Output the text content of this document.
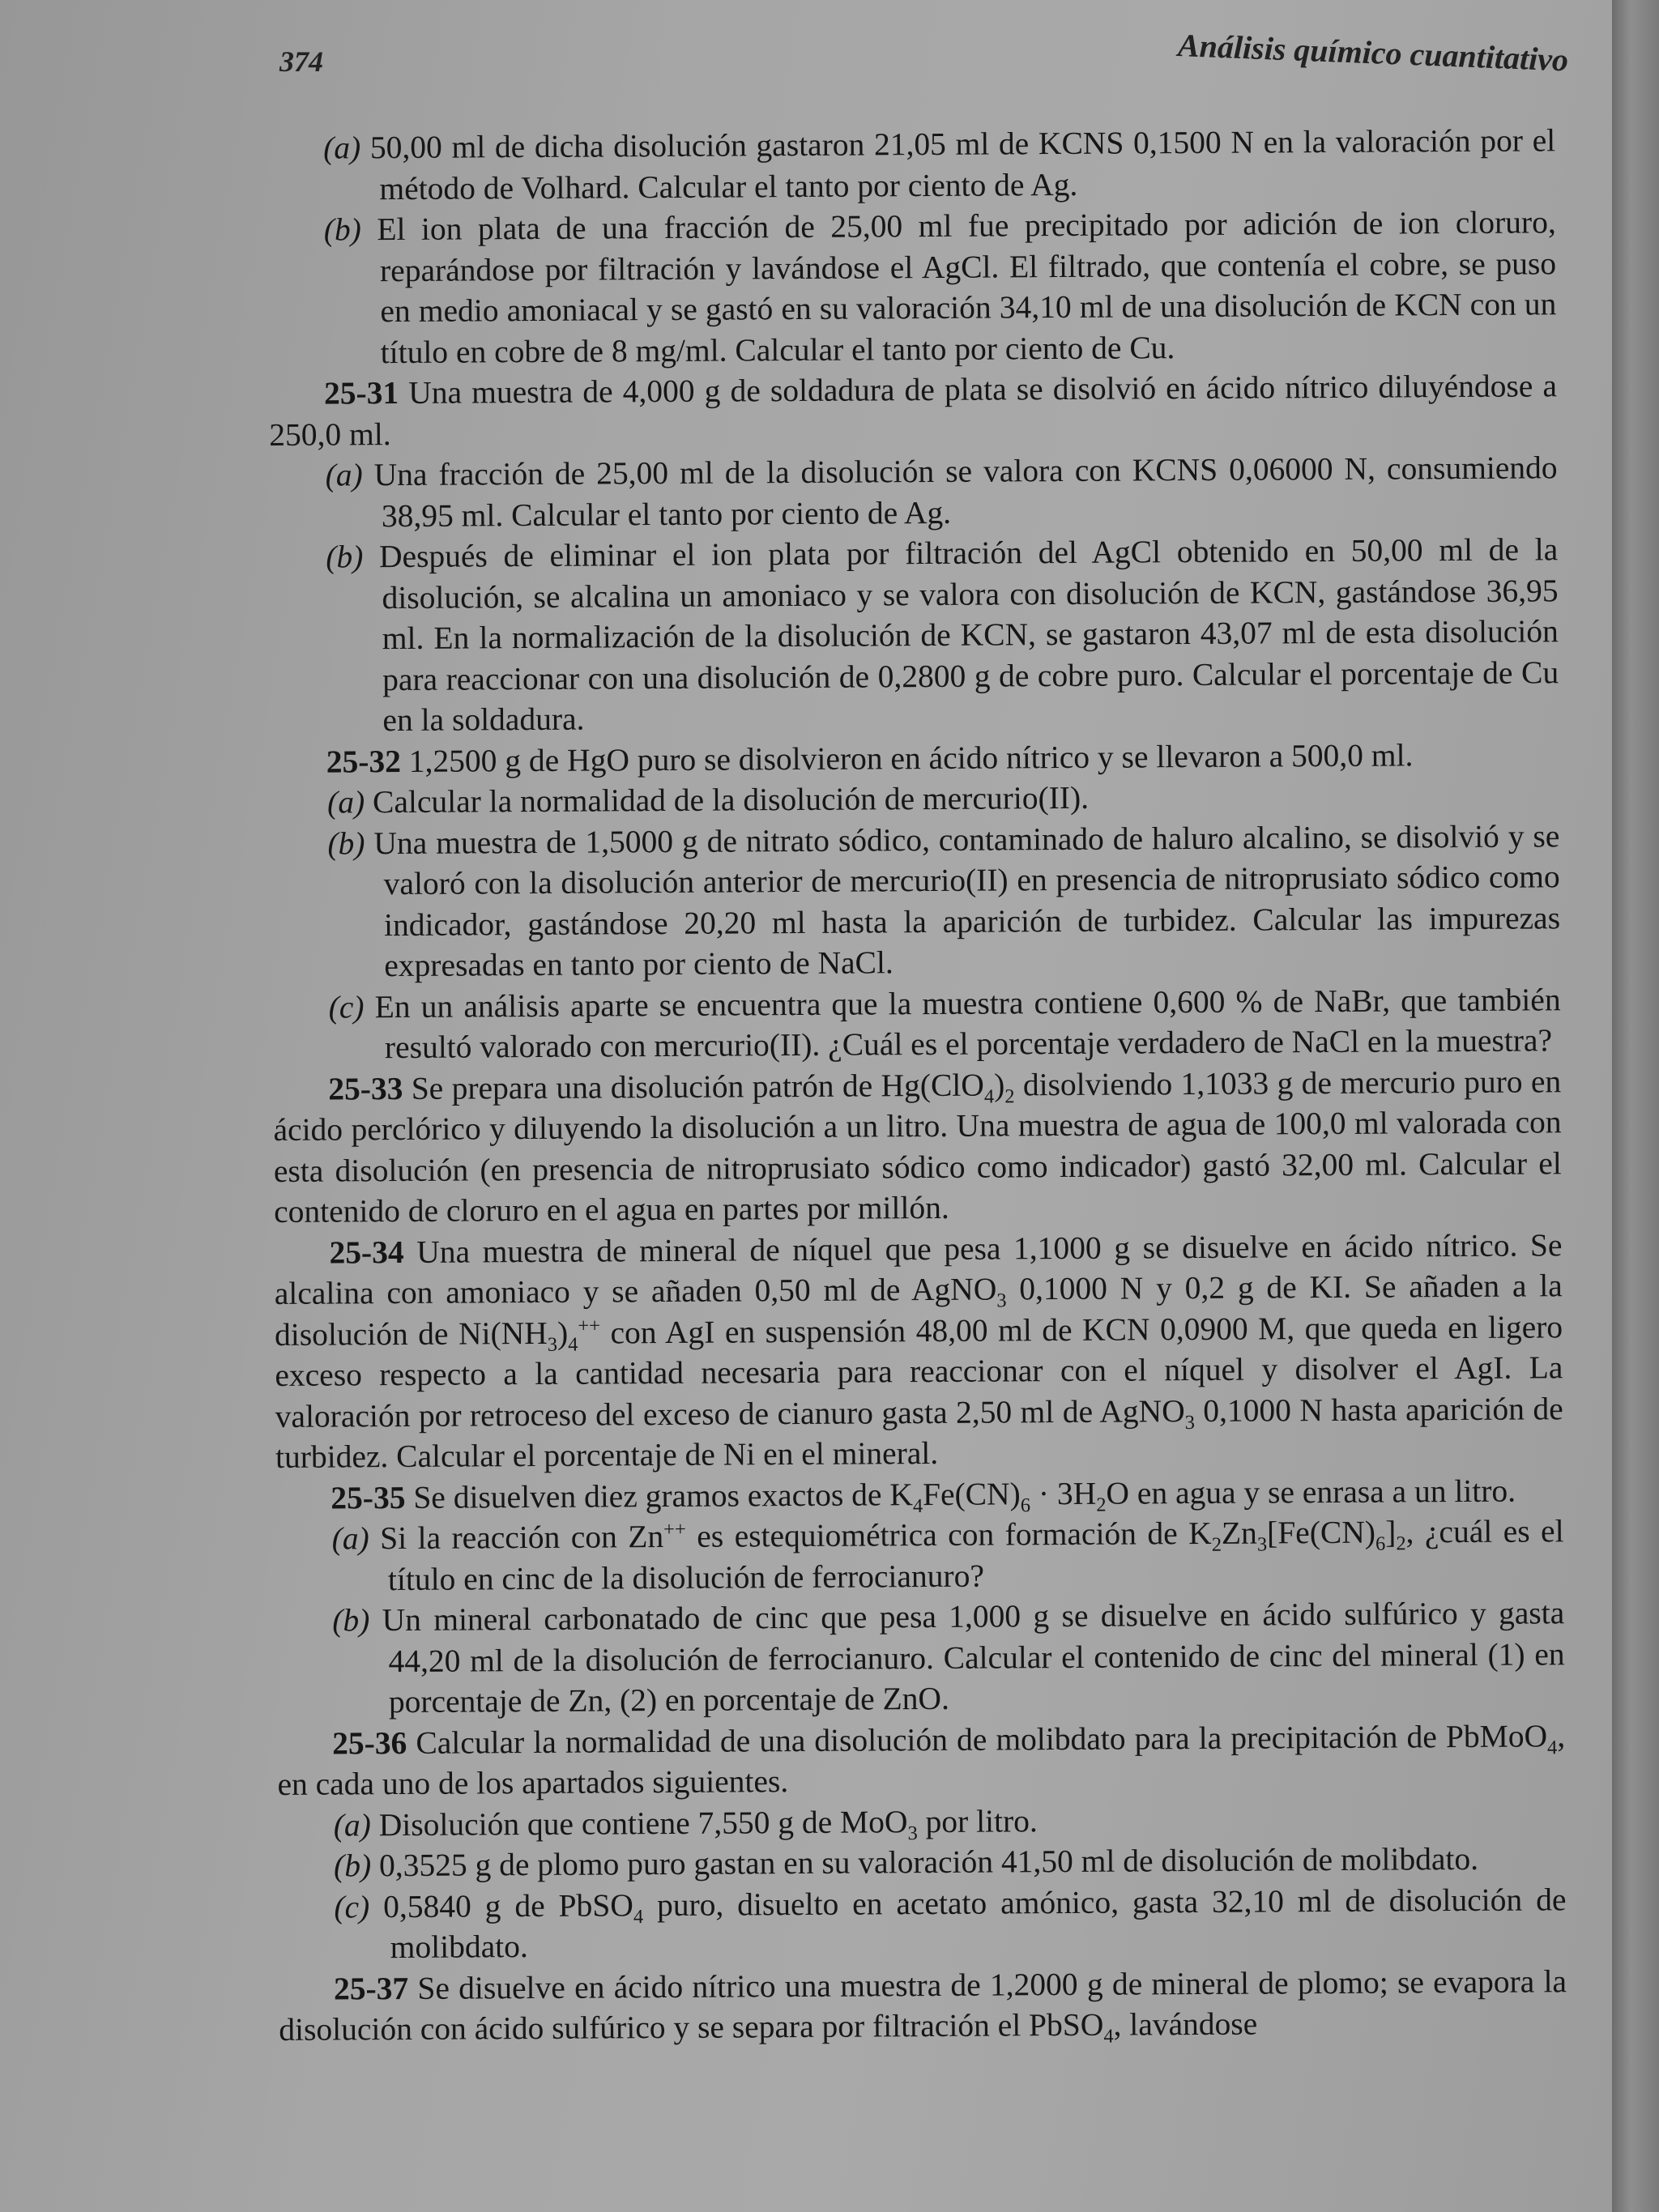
374	Análisis químico cuantitativo

(a) 50,00 ml de dicha disolución gastaron 21,05 ml de KCNS 0,1500 N en la valoración por el método de Volhard. Calcular el tanto por ciento de Ag.

(b) El ion plata de una fracción de 25,00 ml fue precipitado por adición de ion cloruro, reparándose por filtración y lavándose el AgCl. El filtrado, que contenía el cobre, se puso en medio amoniacal y se gastó en su valoración 34,10 ml de una disolución de KCN con un título en cobre de 8 mg/ml. Calcular el tanto por ciento de Cu.

25-31 Una muestra de 4,000 g de soldadura de plata se disolvió en ácido nítrico diluyéndose a 250,0 ml.

(a) Una fracción de 25,00 ml de la disolución se valora con KCNS 0,06000 N, consumiendo 38,95 ml. Calcular el tanto por ciento de Ag.

(b) Después de eliminar el ion plata por filtración del AgCl obtenido en 50,00 ml de la disolución, se alcalina un amoniaco y se valora con disolución de KCN, gastándose 36,95 ml. En la normalización de la disolución de KCN, se gastaron 43,07 ml de esta disolución para reaccionar con una disolución de 0,2800 g de cobre puro. Calcular el porcentaje de Cu en la soldadura.

25-32 1,2500 g de HgO puro se disolvieron en ácido nítrico y se llevaron a 500,0 ml.

(a) Calcular la normalidad de la disolución de mercurio(II).

(b) Una muestra de 1,5000 g de nitrato sódico, contaminado de haluro alcalino, se disolvió y se valoró con la disolución anterior de mercurio(II) en presencia de nitroprusiato sódico como indicador, gastándose 20,20 ml hasta la aparición de turbidez. Calcular las impurezas expresadas en tanto por ciento de NaCl.

(c) En un análisis aparte se encuentra que la muestra contiene 0,600 % de NaBr, que también resultó valorado con mercurio(II). ¿Cuál es el porcentaje verdadero de NaCl en la muestra?

25-33 Se prepara una disolución patrón de $Hg(ClO_4)_2$ disolviendo 1,1033 g de mercurio puro en ácido perclórico y diluyendo la disolución a un litro. Una muestra de agua de 100,0 ml valorada con esta disolución (en presencia de nitroprusiato sódico como indicador) gastó 32,00 ml. Calcular el contenido de cloruro en el agua en partes por millón.

25-34 Una muestra de mineral de níquel que pesa 1,1000 g se disuelve en ácido nítrico. Se alcalina con amoniaco y se añaden 0,50 ml de AgNO$_3$ 0,1000 N y 0,2 g de KI. Se añaden a la disolución de $Ni(NH_3)_4^{++}$ con AgI en suspensión 48,00 ml de KCN 0,0900 M, que queda en ligero exceso respecto a la cantidad necesaria para reaccionar con el níquel y disolver el AgI. La valoración por retroceso del exceso de cianuro gasta 2,50 ml de AgNO$_3$ 0,1000 N hasta aparición de turbidez. Calcular el porcentaje de Ni en el mineral.

25-35 Se disuelven diez gramos exactos de $K_4Fe(CN)_6 \cdot 3H_2O$ en agua y se enrasa a un litro.

(a) Si la reacción con Zn++ es estequiométrica con formación de $K_2Zn_3[Fe(CN)_6]_2$, ¿cuál es el título en cinc de la disolución de ferrocianuro?

(b) Un mineral carbonatado de cinc que pesa 1,000 g se disuelve en ácido sulfúrico y gasta 44,20 ml de la disolución de ferrocianuro. Calcular el contenido de cinc del mineral (1) en porcentaje de Zn, (2) en porcentaje de ZnO.

25-36 Calcular la normalidad de una disolución de molibdato para la precipitación de PbMoO$_4$, en cada uno de los apartados siguientes.

(a) Disolución que contiene 7,550 g de MoO$_3$ por litro.

(b) 0,3525 g de plomo puro gastan en su valoración 41,50 ml de disolución de molibdato.

(c) 0,5840 g de PbSO$_4$ puro, disuelto en acetato amónico, gasta 32,10 ml de disolución de molibdato.

25-37 Se disuelve en ácido nítrico una muestra de 1,2000 g de mineral de plomo; se evapora la disolución con ácido sulfúrico y se separa por filtración el PbSO$_4$, lavándose
